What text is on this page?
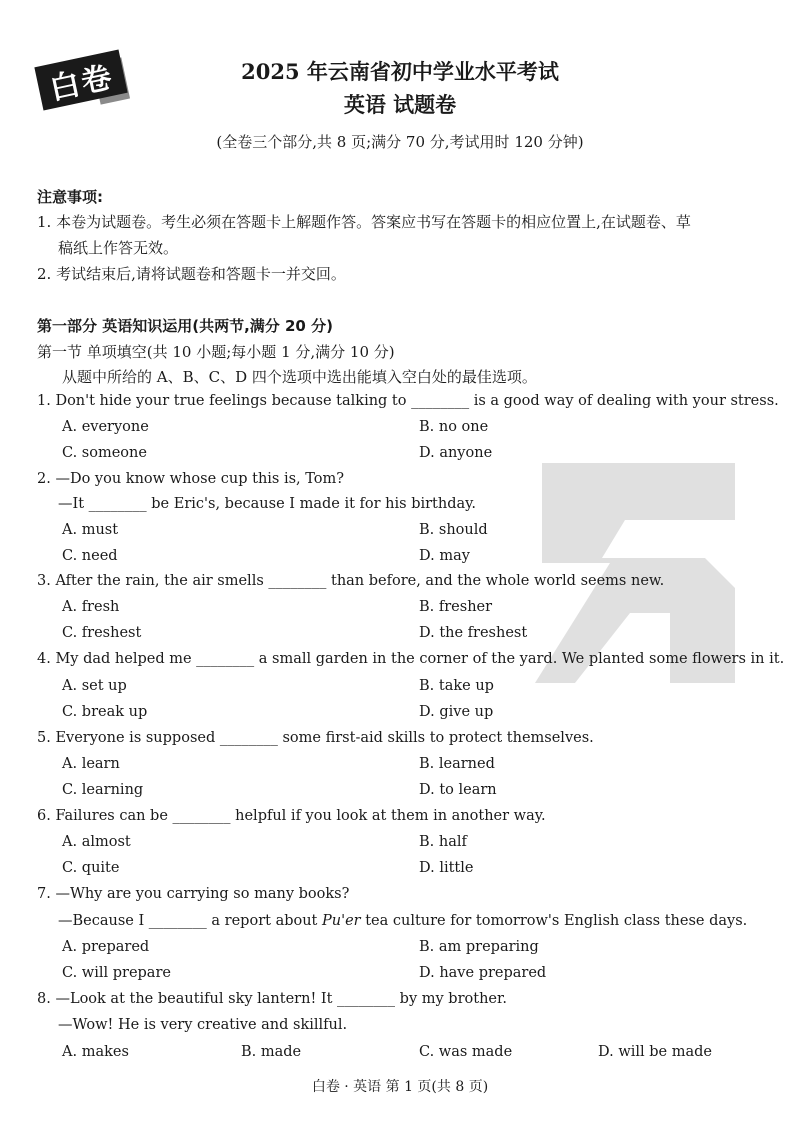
白卷	2025 年云南省初中学业水平考试
英语 试题卷
(全卷三个部分,共 8 页;满分 70 分,考试用时 120 分钟)
注意事项:
1. 本卷为试题卷。考生必须在答题卡上解题作答。答案应书写在答题卡的相应位置上,在试题卷、草
稿纸上作答无效。
2. 考试结束后,请将试题卷和答题卡一并交回。
第一部分 英语知识运用(共两节,满分 20 分)
第一节 单项填空(共 10 小题;每小题 1 分,满分 10 分)
从题中所给的 A、B、C、D 四个选项中选出能填入空白处的最佳选项。
1. Don't hide your true feelings because talking to ________ is a good way of dealing with your stress.
A. everyone	B. no one
C. someone	D. anyone
2. —Do you know whose cup this is, Tom?
—It ________ be Eric's, because I made it for his birthday.
A. must	B. should
C. need	D. may
3. After the rain, the air smells ________ than before, and the whole world seems new.
A. fresh	B. fresher
C. freshest	D. the freshest
4. My dad helped me ________ a small garden in the corner of the yard. We planted some flowers in it.
A. set up	B. take up
C. break up	D. give up
5. Everyone is supposed ________ some first-aid skills to protect themselves.
A. learn	B. learned
C. learning	D. to learn
6. Failures can be ________ helpful if you look at them in another way.
A. almost	B. half
C. quite	D. little
7. —Why are you carrying so many books?
—Because I ________ a report about Pu'er tea culture for tomorrow's English class these days.
A. prepared	B. am preparing
C. will prepare	D. have prepared
8. —Look at the beautiful sky lantern! It ________ by my brother.
—Wow! He is very creative and skillful.
A. makes	B. made	C. was made	D. will be made
白卷 · 英语 第 1 页(共 8 页)
